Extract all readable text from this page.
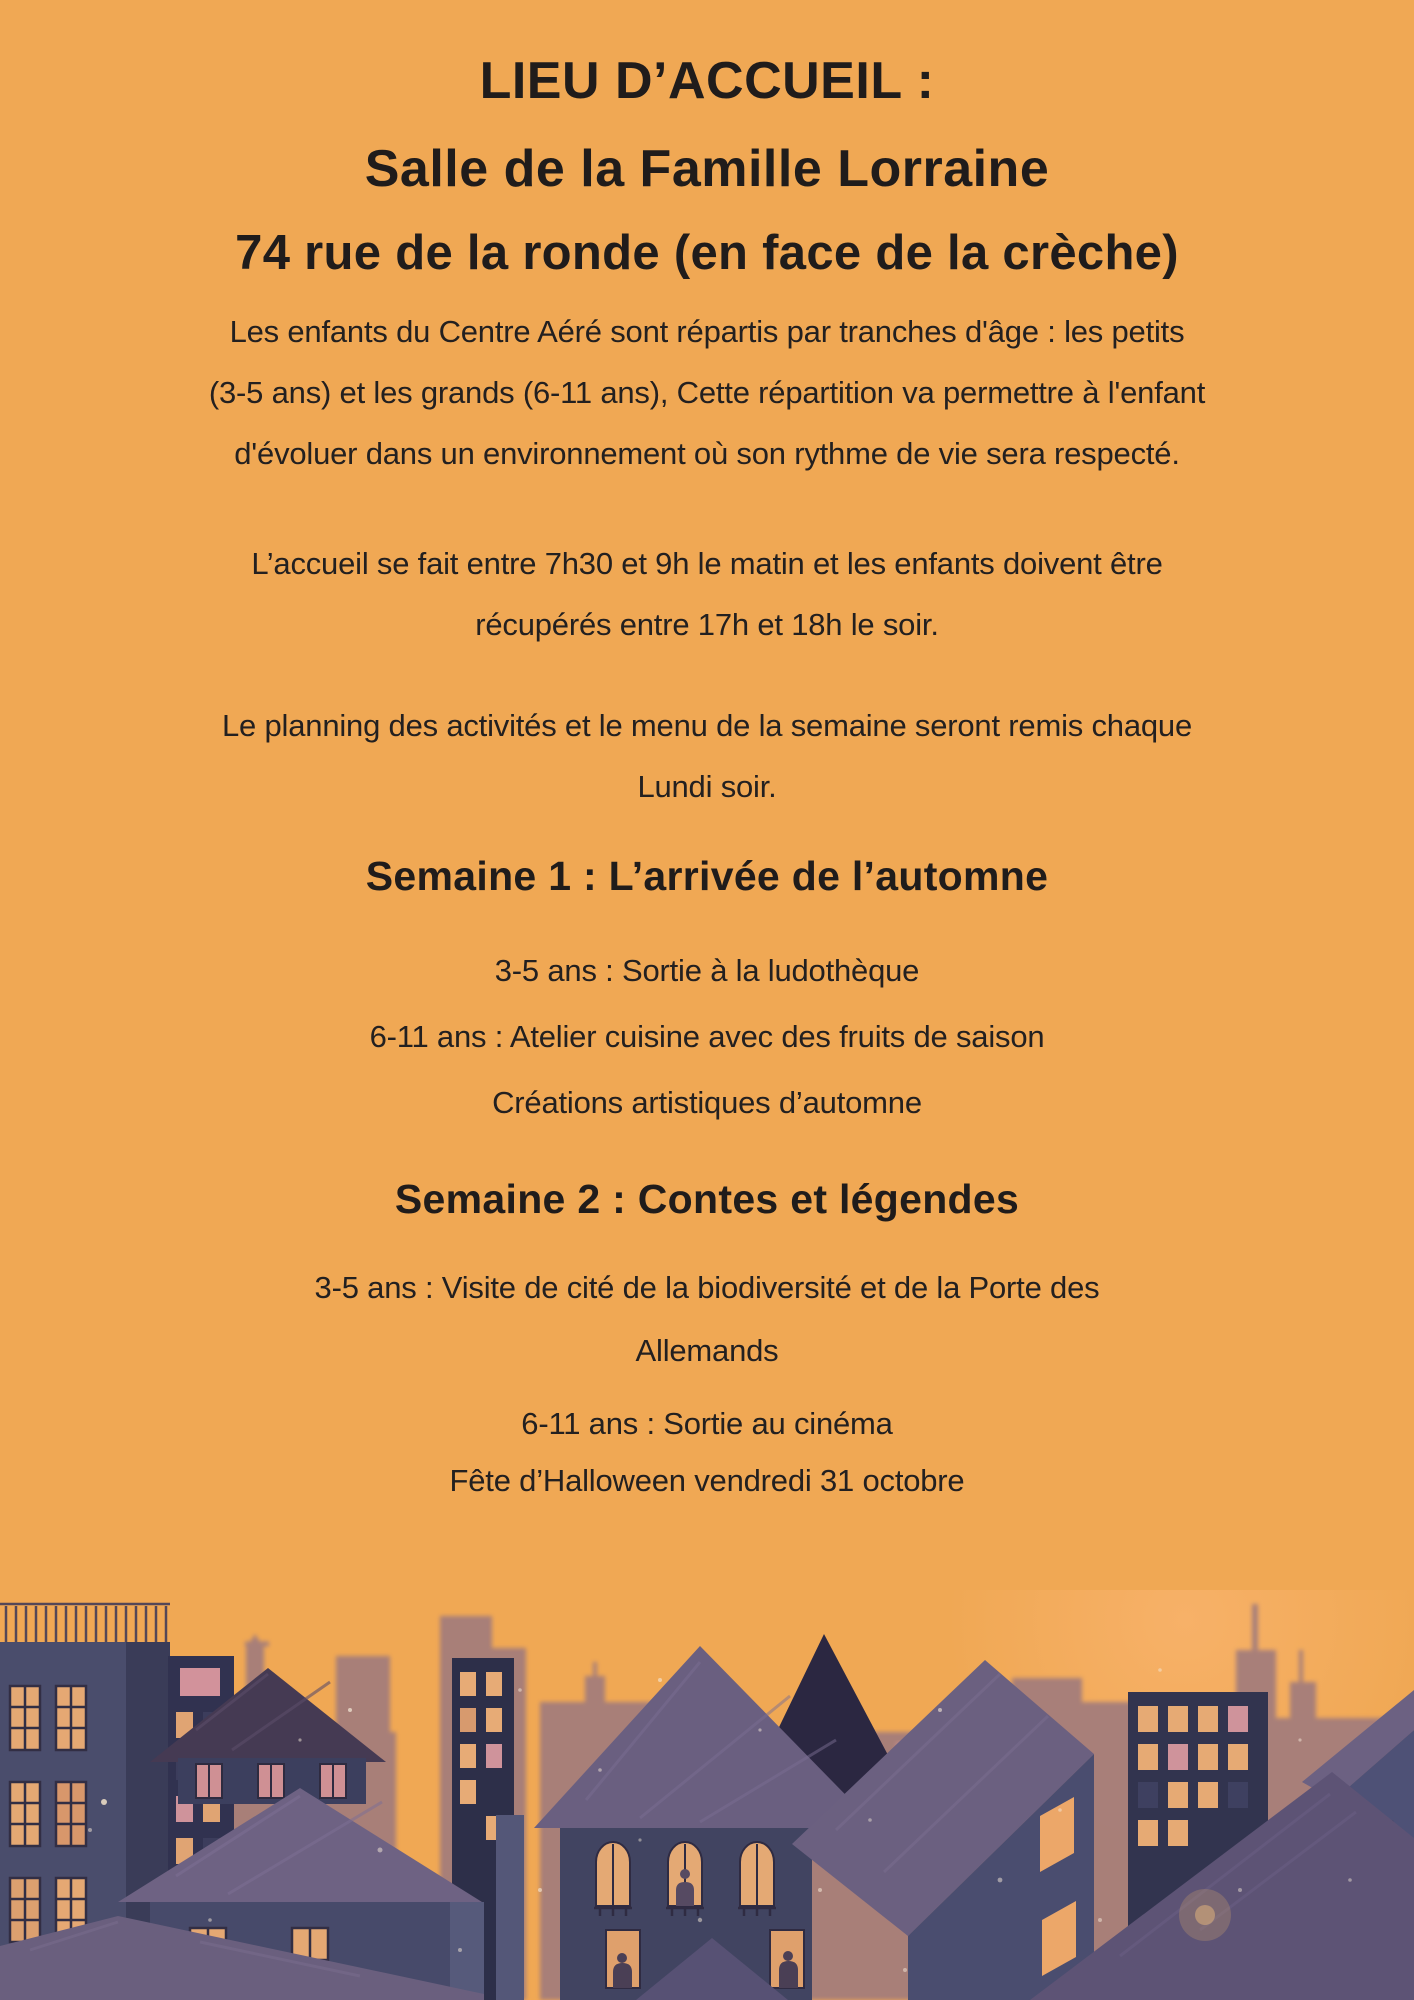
LIEU D’ACCUEIL :
Salle de la Famille Lorraine
74 rue de la ronde (en face de la crèche)
Les enfants du Centre Aéré sont répartis par tranches d'âge : les petits
(3-5 ans) et les grands (6-11 ans), Cette répartition va permettre à l'enfant
d'évoluer dans un environnement où son rythme de vie sera respecté.
L’accueil se fait entre 7h30 et 9h le matin et les enfants doivent être
récupérés entre 17h et 18h le soir.
Le planning des activités et le menu de la semaine seront remis chaque
Lundi soir.
Semaine 1 : L’arrivée de l’automne
3-5 ans : Sortie à la ludothèque
6-11 ans : Atelier cuisine avec des fruits de saison
Créations artistiques d’automne
Semaine 2 : Contes et légendes
3-5 ans : Visite de cité de la biodiversité et de la Porte des
Allemands
6-11 ans : Sortie au cinéma
Fête d’Halloween vendredi 31 octobre
